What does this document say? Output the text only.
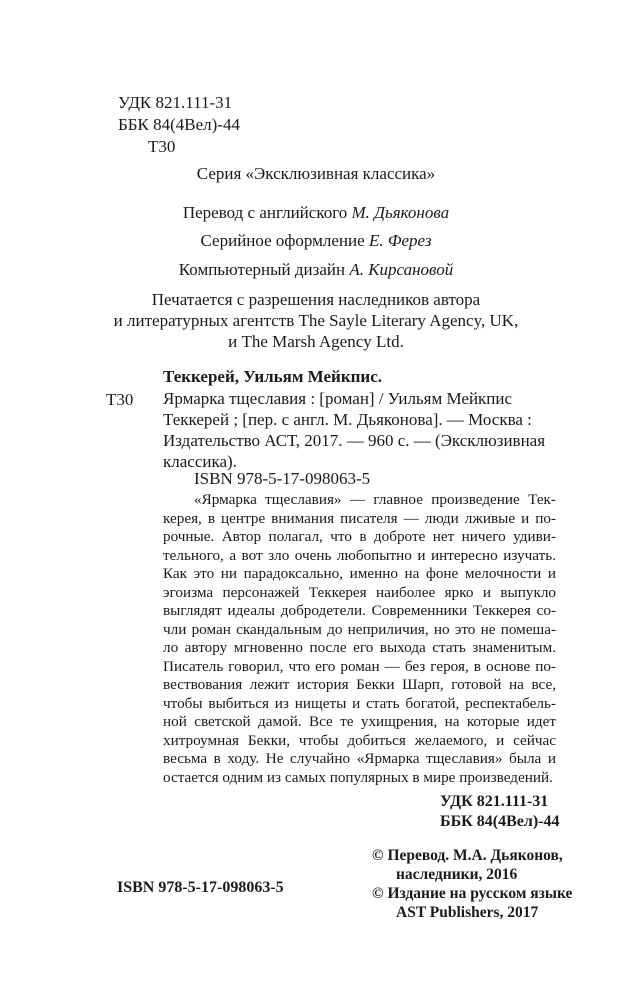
УДК 821.111-31
ББК 84(4Вел)-44
Т30
Серия «Эксклюзивная классика»
Перевод с английского М. Дьяконова
Серийное оформление Е. Ферез
Компьютерный дизайн А. Кирсановой
Печатается с разрешения наследников автора
и литературных агентств The Sayle Literary Agency, UK,
и The Marsh Agency Ltd.
Теккерей, Уильям Мейкпис.
Т30 Ярмарка тщеславия : [роман] / Уильям Мейкпис
Теккерей ; [пер. с англ. М. Дьяконова]. — Москва :
Издательство АСТ, 2017. — 960 с. — (Эксклюзивная
классика).
ISBN 978-5-17-098063-5
«Ярмарка тщеславия» — главное произведение Тек-
керея, в центре внимания писателя — люди лживые и по-
рочные. Автор полагал, что в доброте нет ничего удиви-
тельного, а вот зло очень любопытно и интересно изучать.
Как это ни парадоксально, именно на фоне мелочности и
эгоизма персонажей Теккерея наиболее ярко и выпукло
выглядят идеалы добродетели. Современники Теккерея со-
чли роман скандальным до неприличия, но это не помеша-
ло автору мгновенно после его выхода стать знаменитым.
Писатель говорил, что его роман — без героя, в основе по-
вествования лежит история Бекки Шарп, готовой на все,
чтобы выбиться из нищеты и стать богатой, респектабель-
ной светской дамой. Все те ухищрения, на которые идет
хитроумная Бекки, чтобы добиться желаемого, и сейчас
весьма в ходу. Не случайно «Ярмарка тщеславия» была и
остается одним из самых популярных в мире произведений.
УДК 821.111-31
ББК 84(4Вел)-44
© Перевод. М.А. Дьяконов,
наследники, 2016
© Издание на русском языке
AST Publishers, 2017
ISBN 978-5-17-098063-5
